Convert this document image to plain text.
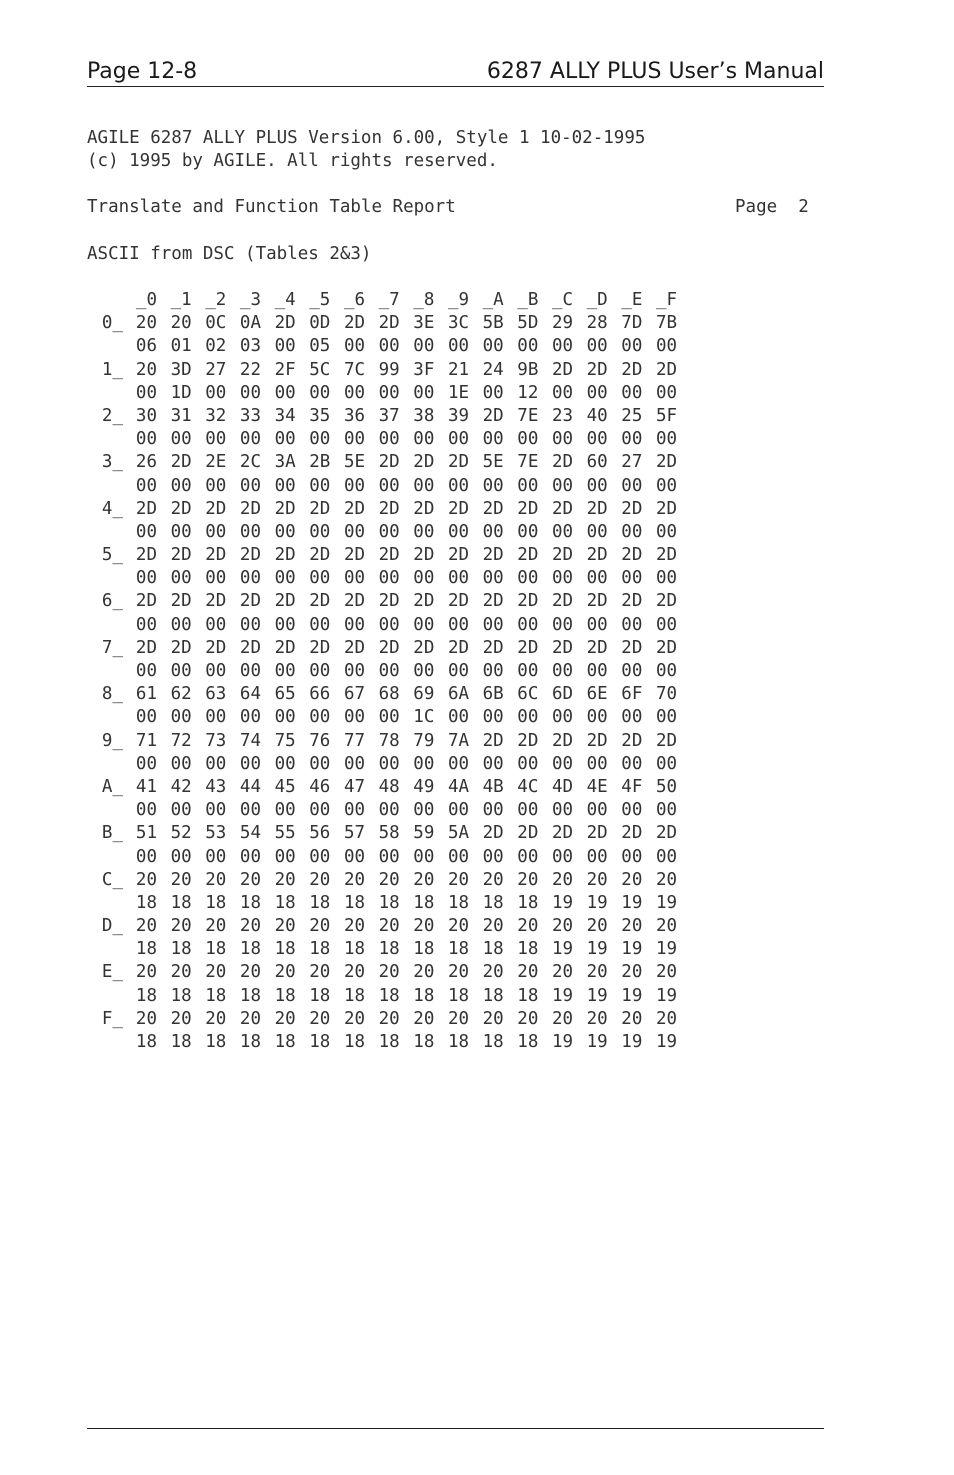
Page 12-8	6287 ALLY PLUS User’s Manual
AGILE 6287 ALLY PLUS Version 6.00, Style 1 10-02-1995
(c) 1995 by AGILE. All rights reserved.

Translate and Function Table Report

	Page  2

ASCII from DSC (Tables 2&3)
_0 _1 _2 _3 _4 _5 _6 _7 _8 _9 _A _B _C _D _E _F
0_ 20 20 0C 0A 2D 0D 2D 2D 3E 3C 5B 5D 29 28 7D 7B
06 01 02 03 00 05 00 00 00 00 00 00 00 00 00 00
1_ 20 3D 27 22 2F 5C 7C 99 3F 21 24 9B 2D 2D 2D 2D
00 1D 00 00 00 00 00 00 00 1E 00 12 00 00 00 00
2_ 30 31 32 33 34 35 36 37 38 39 2D 7E 23 40 25 5F
00 00 00 00 00 00 00 00 00 00 00 00 00 00 00 00
3_ 26 2D 2E 2C 3A 2B 5E 2D 2D 2D 5E 7E 2D 60 27 2D
00 00 00 00 00 00 00 00 00 00 00 00 00 00 00 00
4_ 2D 2D 2D 2D 2D 2D 2D 2D 2D 2D 2D 2D 2D 2D 2D 2D
00 00 00 00 00 00 00 00 00 00 00 00 00 00 00 00
5_ 2D 2D 2D 2D 2D 2D 2D 2D 2D 2D 2D 2D 2D 2D 2D 2D
00 00 00 00 00 00 00 00 00 00 00 00 00 00 00 00
6_ 2D 2D 2D 2D 2D 2D 2D 2D 2D 2D 2D 2D 2D 2D 2D 2D
00 00 00 00 00 00 00 00 00 00 00 00 00 00 00 00
7_ 2D 2D 2D 2D 2D 2D 2D 2D 2D 2D 2D 2D 2D 2D 2D 2D
00 00 00 00 00 00 00 00 00 00 00 00 00 00 00 00
8_ 61 62 63 64 65 66 67 68 69 6A 6B 6C 6D 6E 6F 70
00 00 00 00 00 00 00 00 1C 00 00 00 00 00 00 00
9_ 71 72 73 74 75 76 77 78 79 7A 2D 2D 2D 2D 2D 2D
00 00 00 00 00 00 00 00 00 00 00 00 00 00 00 00
A_ 41 42 43 44 45 46 47 48 49 4A 4B 4C 4D 4E 4F 50
00 00 00 00 00 00 00 00 00 00 00 00 00 00 00 00
B_ 51 52 53 54 55 56 57 58 59 5A 2D 2D 2D 2D 2D 2D
00 00 00 00 00 00 00 00 00 00 00 00 00 00 00 00
C_ 20 20 20 20 20 20 20 20 20 20 20 20 20 20 20 20
18 18 18 18 18 18 18 18 18 18 18 18 19 19 19 19
D_ 20 20 20 20 20 20 20 20 20 20 20 20 20 20 20 20
18 18 18 18 18 18 18 18 18 18 18 18 19 19 19 19
E_ 20 20 20 20 20 20 20 20 20 20 20 20 20 20 20 20
18 18 18 18 18 18 18 18 18 18 18 18 19 19 19 19
F_ 20 20 20 20 20 20 20 20 20 20 20 20 20 20 20 20
18 18 18 18 18 18 18 18 18 18 18 18 19 19 19 19
